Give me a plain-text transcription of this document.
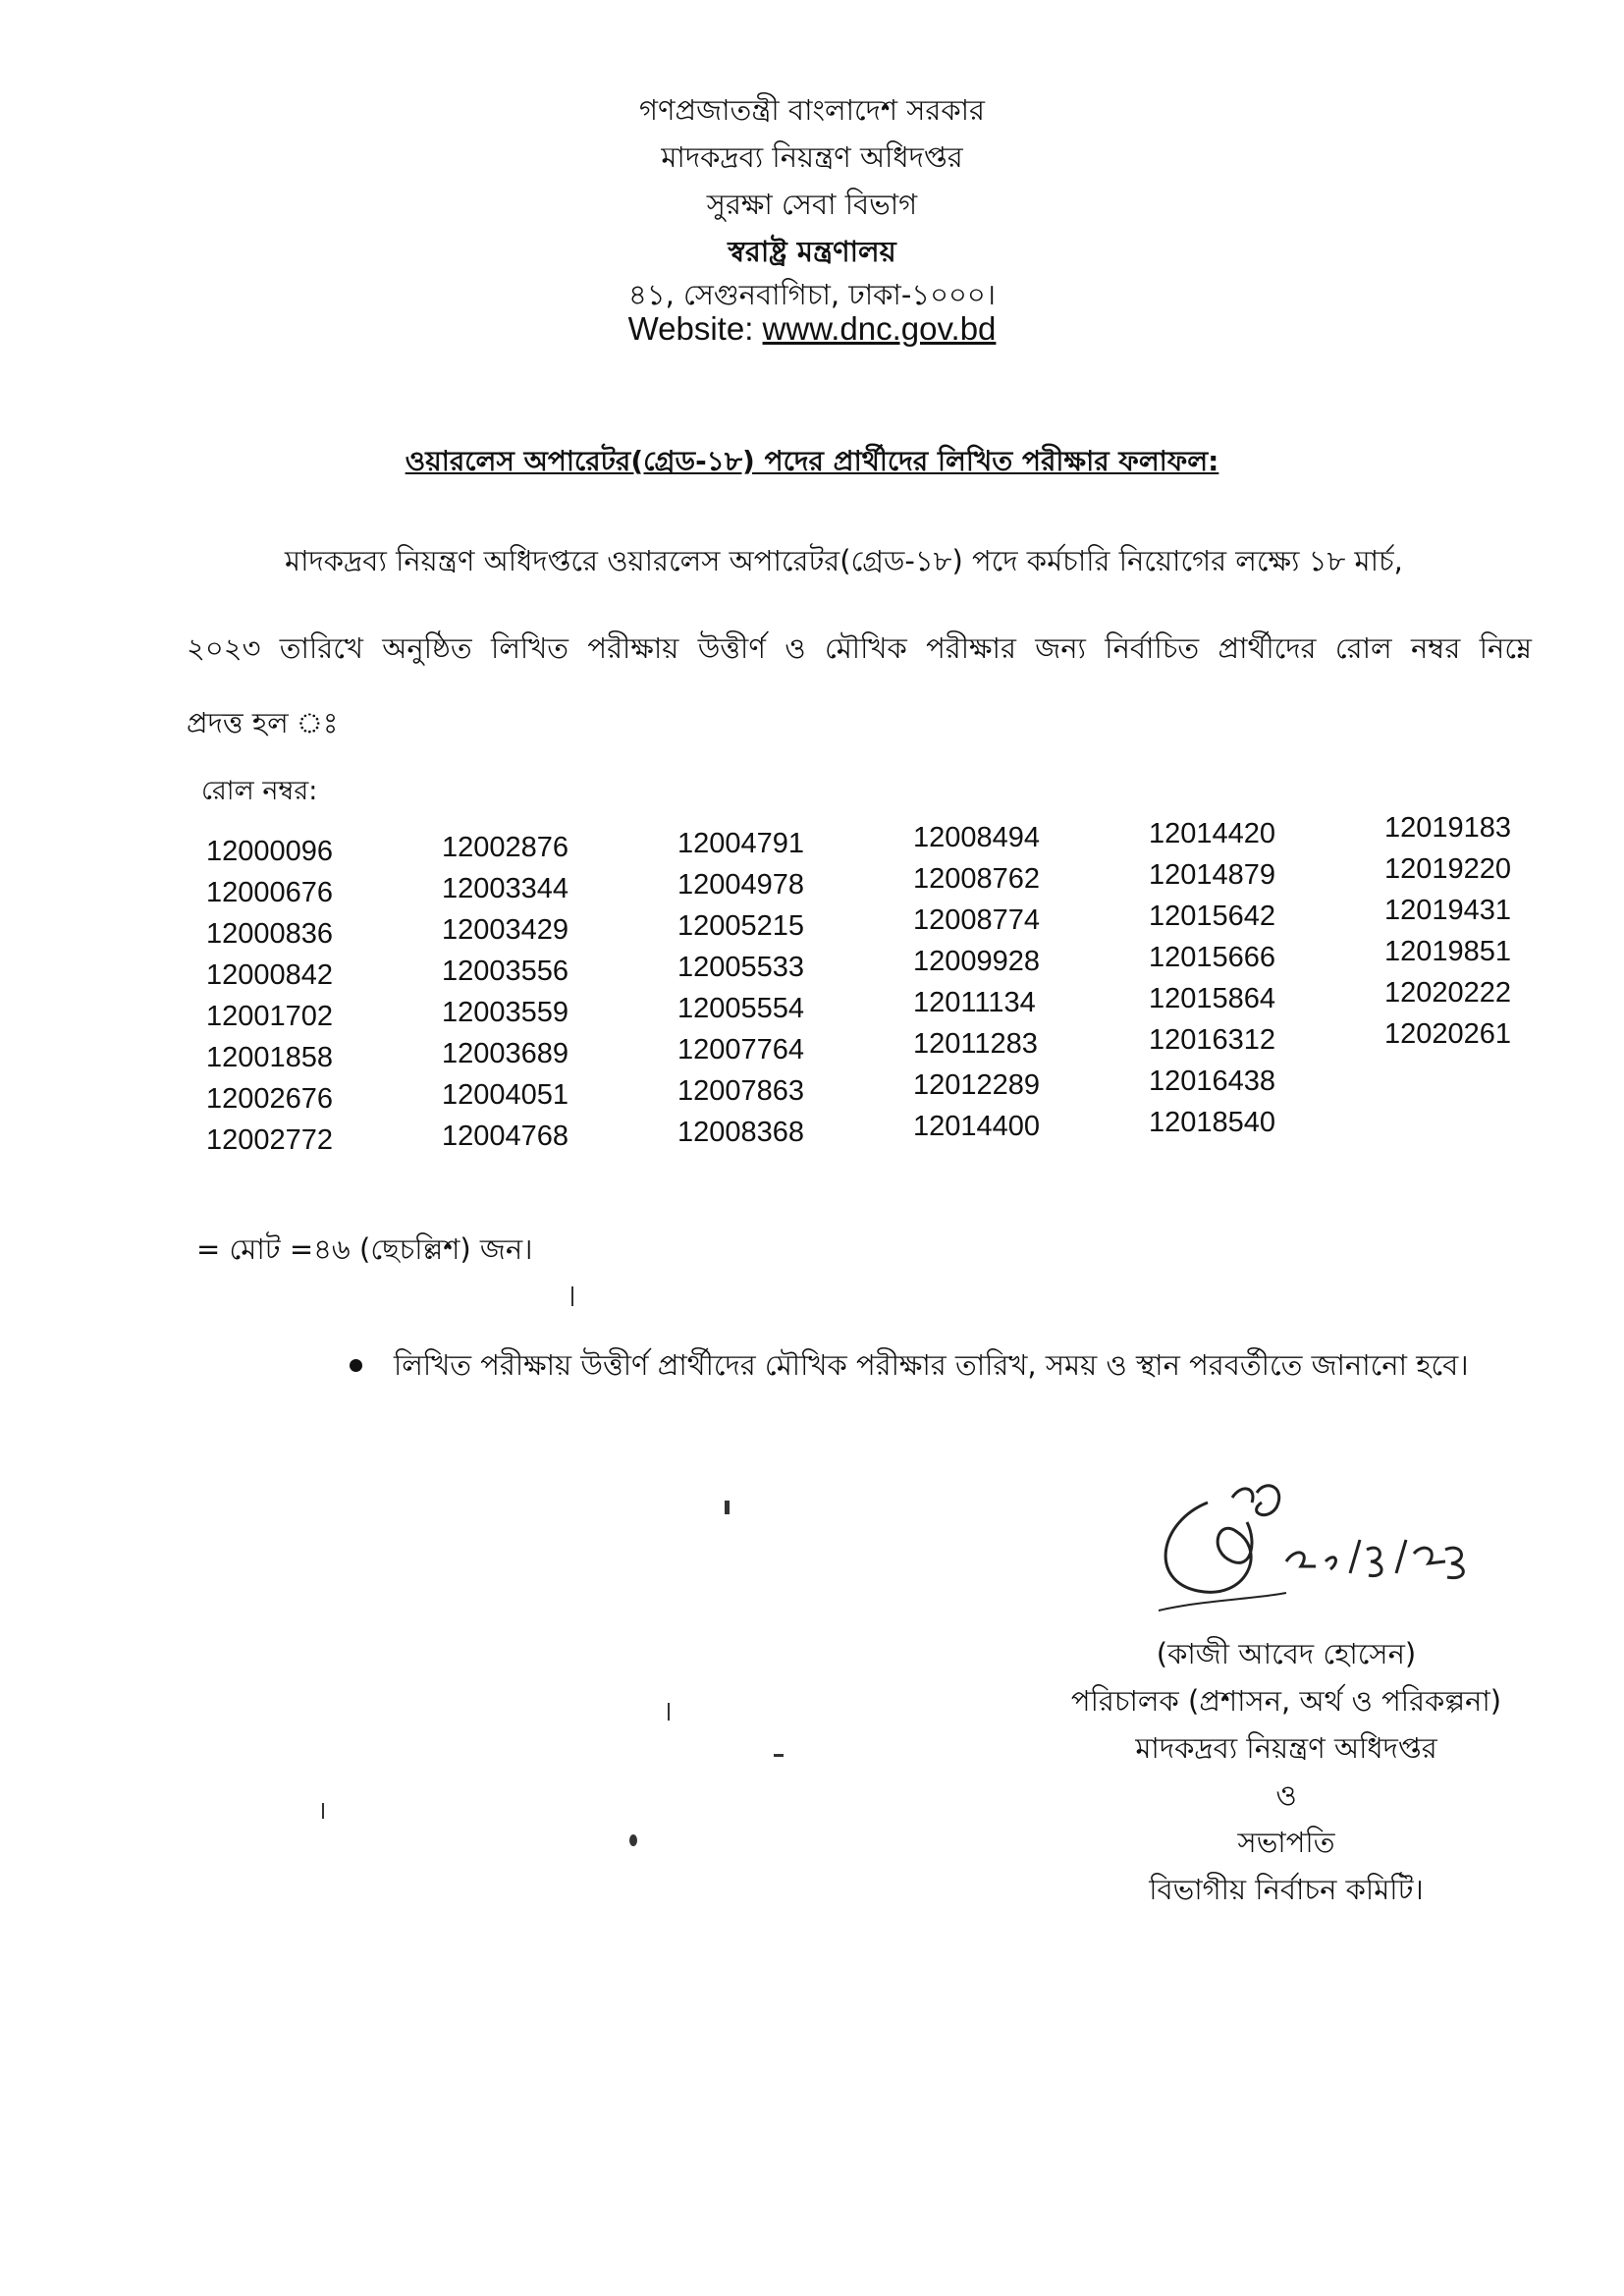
গণপ্রজাতন্ত্রী বাংলাদেশ সরকার
মাদকদ্রব্য নিয়ন্ত্রণ অধিদপ্তর
সুরক্ষা সেবা বিভাগ
স্বরাষ্ট্র মন্ত্রণালয়
৪১, সেগুনবাগিচা, ঢাকা-১০০০।
Website: www.dnc.gov.bd
ওয়ারলেস অপারেটর(গ্রেড-১৮) পদের প্রার্থীদের লিখিত পরীক্ষার ফলাফল:
মাদকদ্রব্য নিয়ন্ত্রণ অধিদপ্তরে ওয়ারলেস অপারেটর(গ্রেড-১৮) পদে কর্মচারি নিয়োগের লক্ষ্যে ১৮ মার্চ,
২০২৩ তারিখে অনুষ্ঠিত লিখিত পরীক্ষায় উত্তীর্ণ ও মৌখিক পরীক্ষার জন্য নির্বাচিত প্রার্থীদের রোল নম্বর নিম্নে
প্রদত্ত হল ঃ
রোল নম্বর:
12000096
12000676
12000836
12000842
12001702
12001858
12002676
12002772
12002876
12003344
12003429
12003556
12003559
12003689
12004051
12004768
12004791
12004978
12005215
12005533
12005554
12007764
12007863
12008368
12008494
12008762
12008774
12009928
12011134
12011283
12012289
12014400
12014420
12014879
12015642
12015666
12015864
12016312
12016438
12018540
12019183
12019220
12019431
12019851
12020222
12020261
= মোট =৪৬ (ছেচল্লিশ) জন।
লিখিত পরীক্ষায় উত্তীর্ণ প্রার্থীদের মৌখিক পরীক্ষার তারিখ, সময় ও স্থান পরবর্তীতে জানানো হবে।
(কাজী আবেদ হোসেন)
পরিচালক (প্রশাসন, অর্থ ও পরিকল্পনা)
মাদকদ্রব্য নিয়ন্ত্রণ অধিদপ্তর
ও
সভাপতি
বিভাগীয় নির্বাচন কমিটি।
